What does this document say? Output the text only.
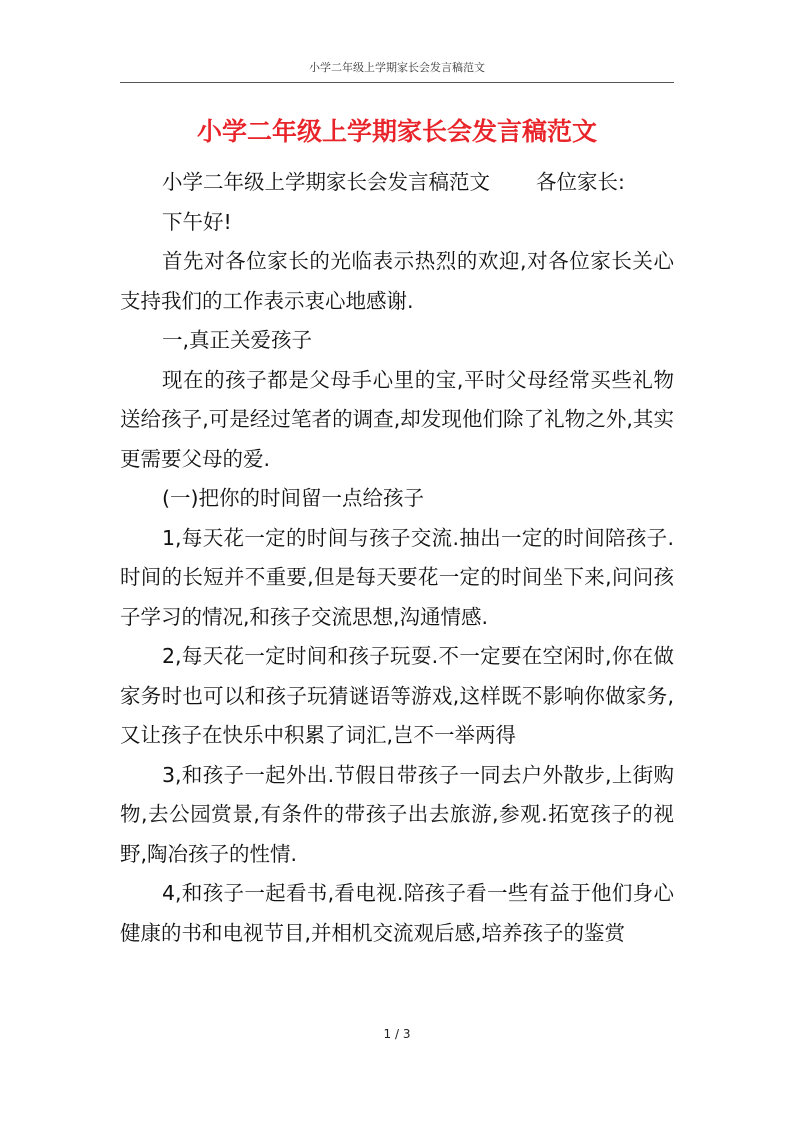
小学二年级上学期家长会发言稿范文
小学二年级上学期家长会发言稿范文

小学二年级上学期家长会发言稿范文 各位家长:

下午好!

首先对各位家长的光临表示热烈的欢迎,对各位家长关心支持我们的工作表示衷心地感谢.

一,真正关爱孩子

现在的孩子都是父母手心里的宝,平时父母经常买些礼物送给孩子,可是经过笔者的调查,却发现他们除了礼物之外,其实更需要父母的爱.

(一)把你的时间留一点给孩子

1,每天花一定的时间与孩子交流.抽出一定的时间陪孩子.时间的长短并不重要,但是每天要花一定的时间坐下来,问问孩子学习的情况,和孩子交流思想,沟通情感.

2,每天花一定时间和孩子玩耍.不一定要在空闲时,你在做家务时也可以和孩子玩猜谜语等游戏,这样既不影响你做家务,又让孩子在快乐中积累了词汇,岂不一举两得

3,和孩子一起外出.节假日带孩子一同去户外散步,上街购物,去公园赏景,有条件的带孩子出去旅游,参观.拓宽孩子的视野,陶冶孩子的性情.

4,和孩子一起看书,看电视.陪孩子看一些有益于他们身心健康的书和电视节目,并相机交流观后感,培养孩子的鉴赏

1 / 3
